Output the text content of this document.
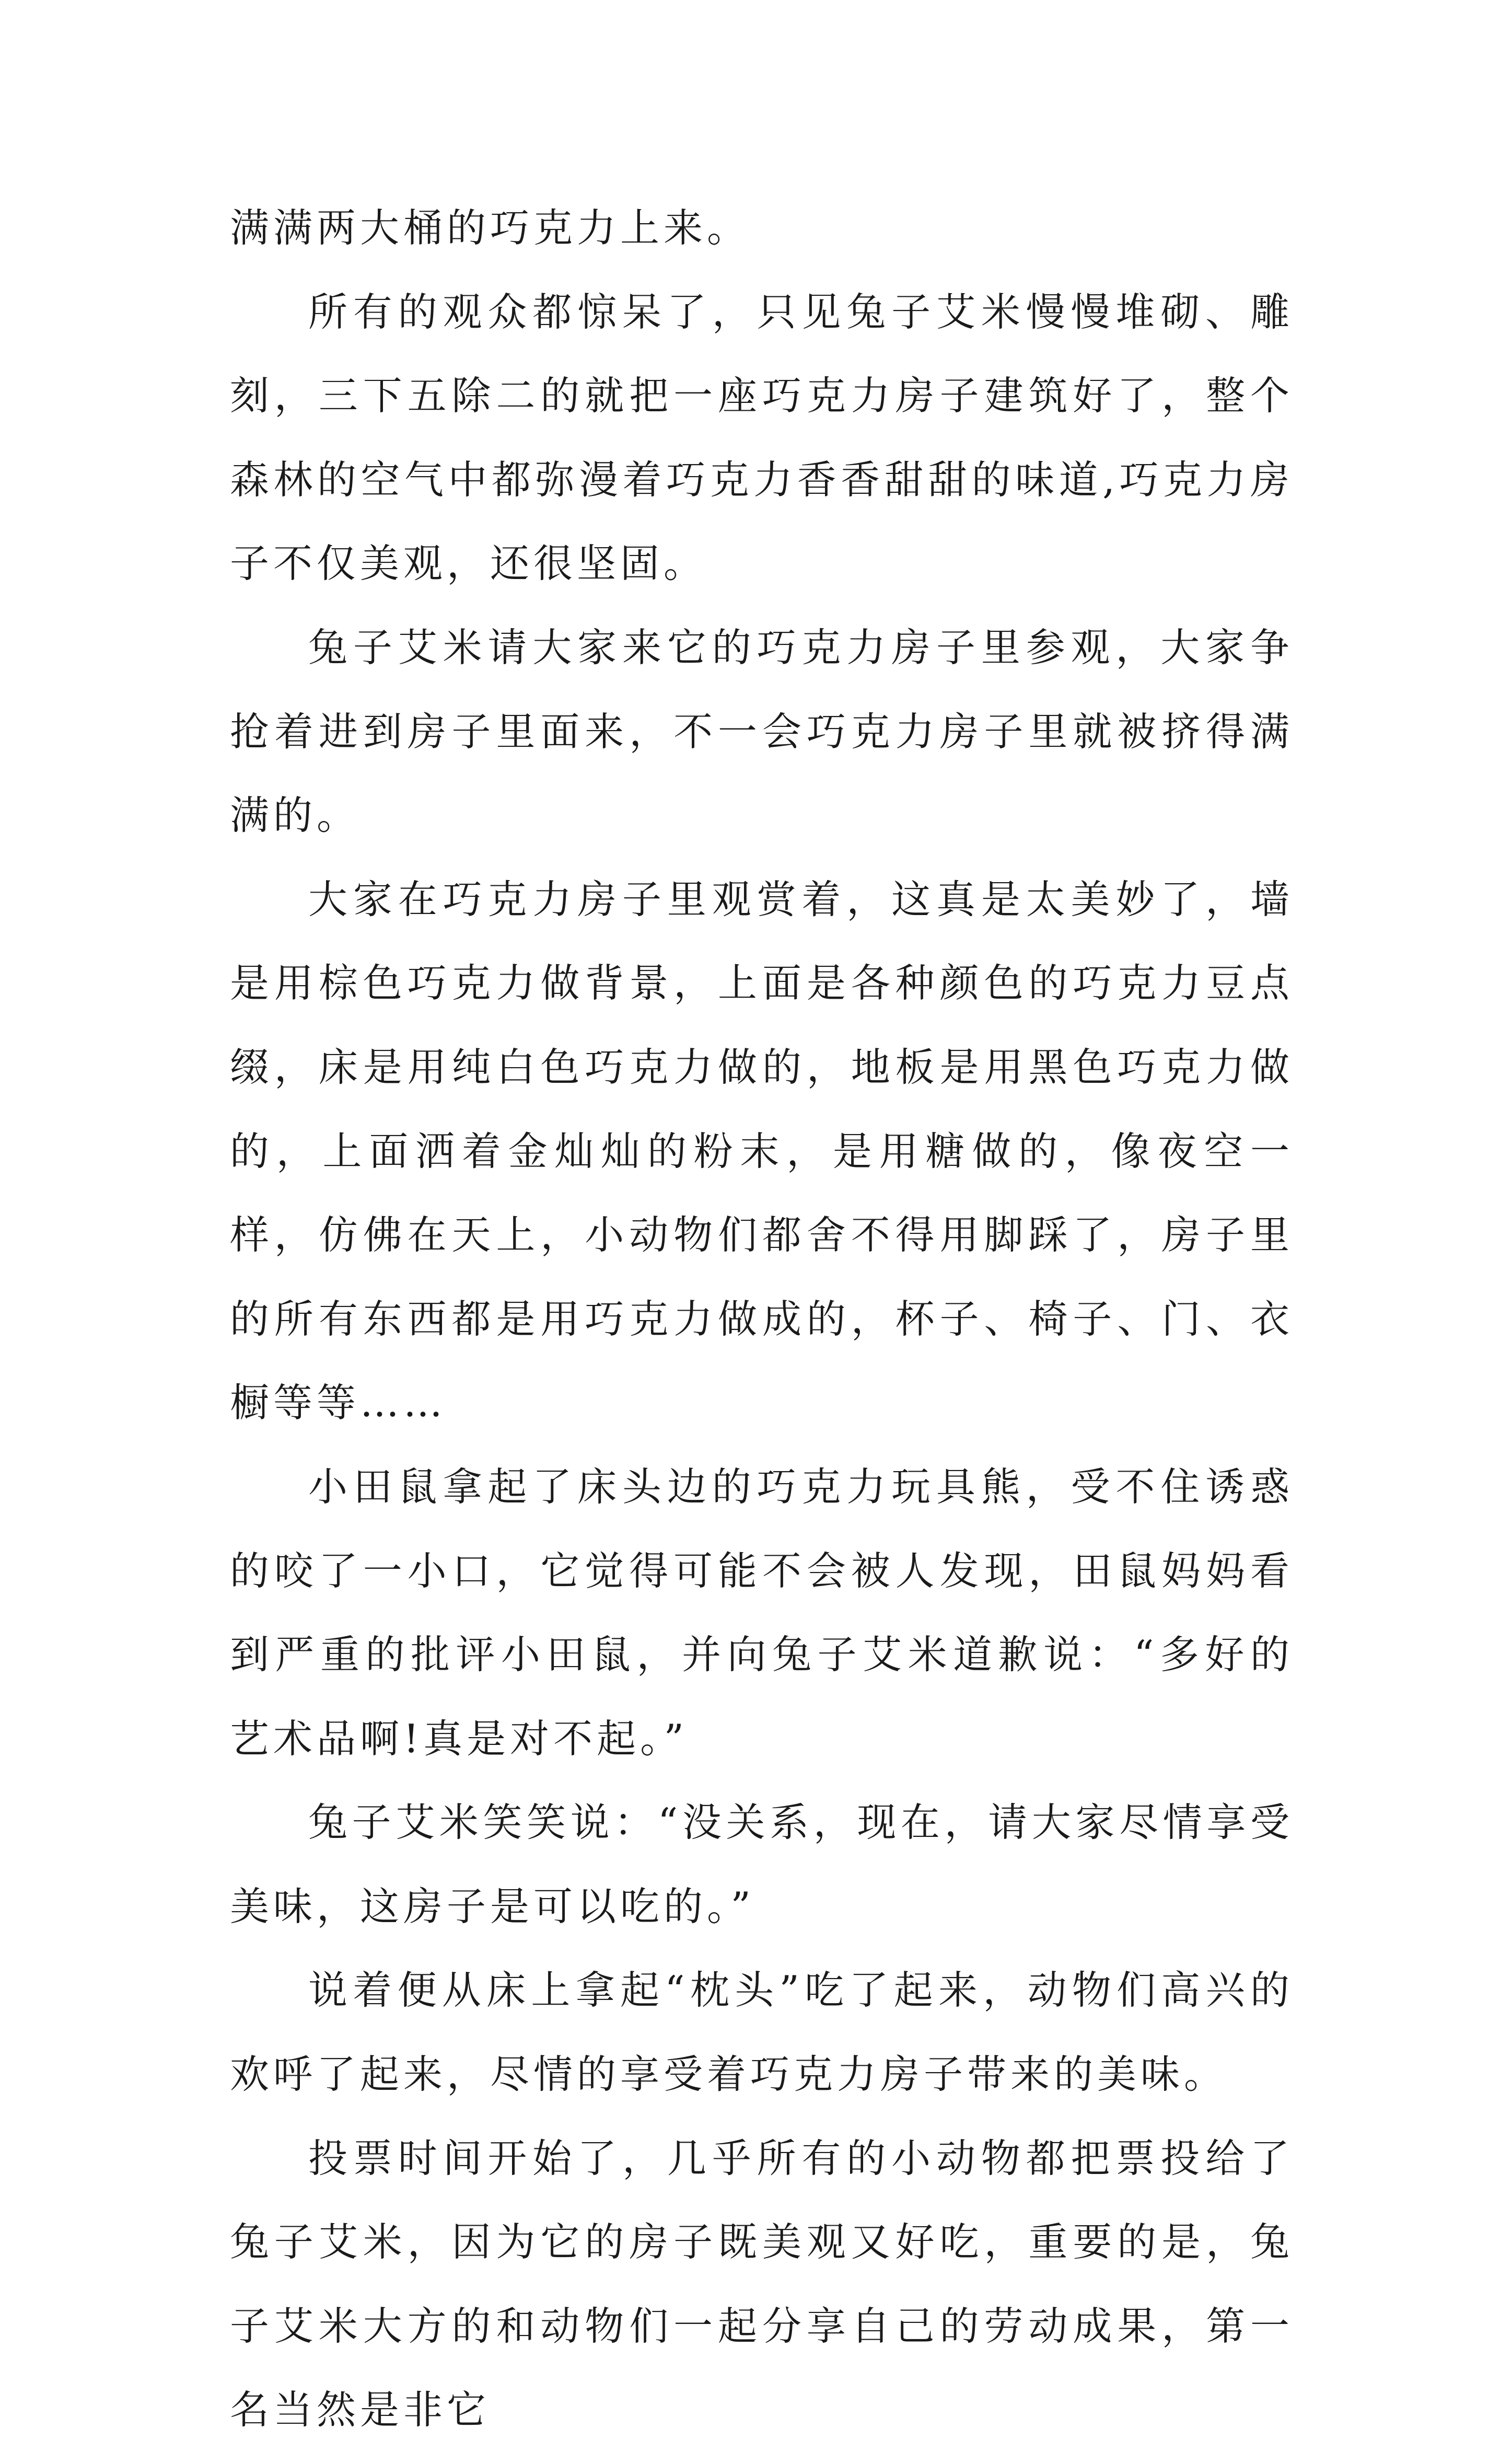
满满两大桶的巧克力上来。

所有的观众都惊呆了，只见兔子艾米慢慢堆砌、雕刻，三下五除二的就把一座巧克力房子建筑好了，整个森林的空气中都弥漫着巧克力香香甜甜的味道,巧克力房子不仅美观，还很坚固。

兔子艾米请大家来它的巧克力房子里参观，大家争抢着进到房子里面来，不一会巧克力房子里就被挤得满满的。

大家在巧克力房子里观赏着，这真是太美妙了，墙是用棕色巧克力做背景，上面是各种颜色的巧克力豆点缀，床是用纯白色巧克力做的，地板是用黑色巧克力做的，上面洒着金灿灿的粉末，是用糖做的，像夜空一样，仿佛在天上，小动物们都舍不得用脚踩了，房子里的所有东西都是用巧克力做成的，杯子、椅子、门、衣橱等等……

小田鼠拿起了床头边的巧克力玩具熊，受不住诱惑的咬了一小口，它觉得可能不会被人发现，田鼠妈妈看到严重的批评小田鼠，并向兔子艾米道歉说：“多好的艺术品啊!真是对不起。”

兔子艾米笑笑说：“没关系，现在，请大家尽情享受美味，这房子是可以吃的。”

说着便从床上拿起“枕头”吃了起来，动物们高兴的欢呼了起来，尽情的享受着巧克力房子带来的美味。

投票时间开始了，几乎所有的小动物都把票投给了兔子艾米，因为它的房子既美观又好吃，重要的是，兔子艾米大方的和动物们一起分享自己的劳动成果，第一名当然是非它
